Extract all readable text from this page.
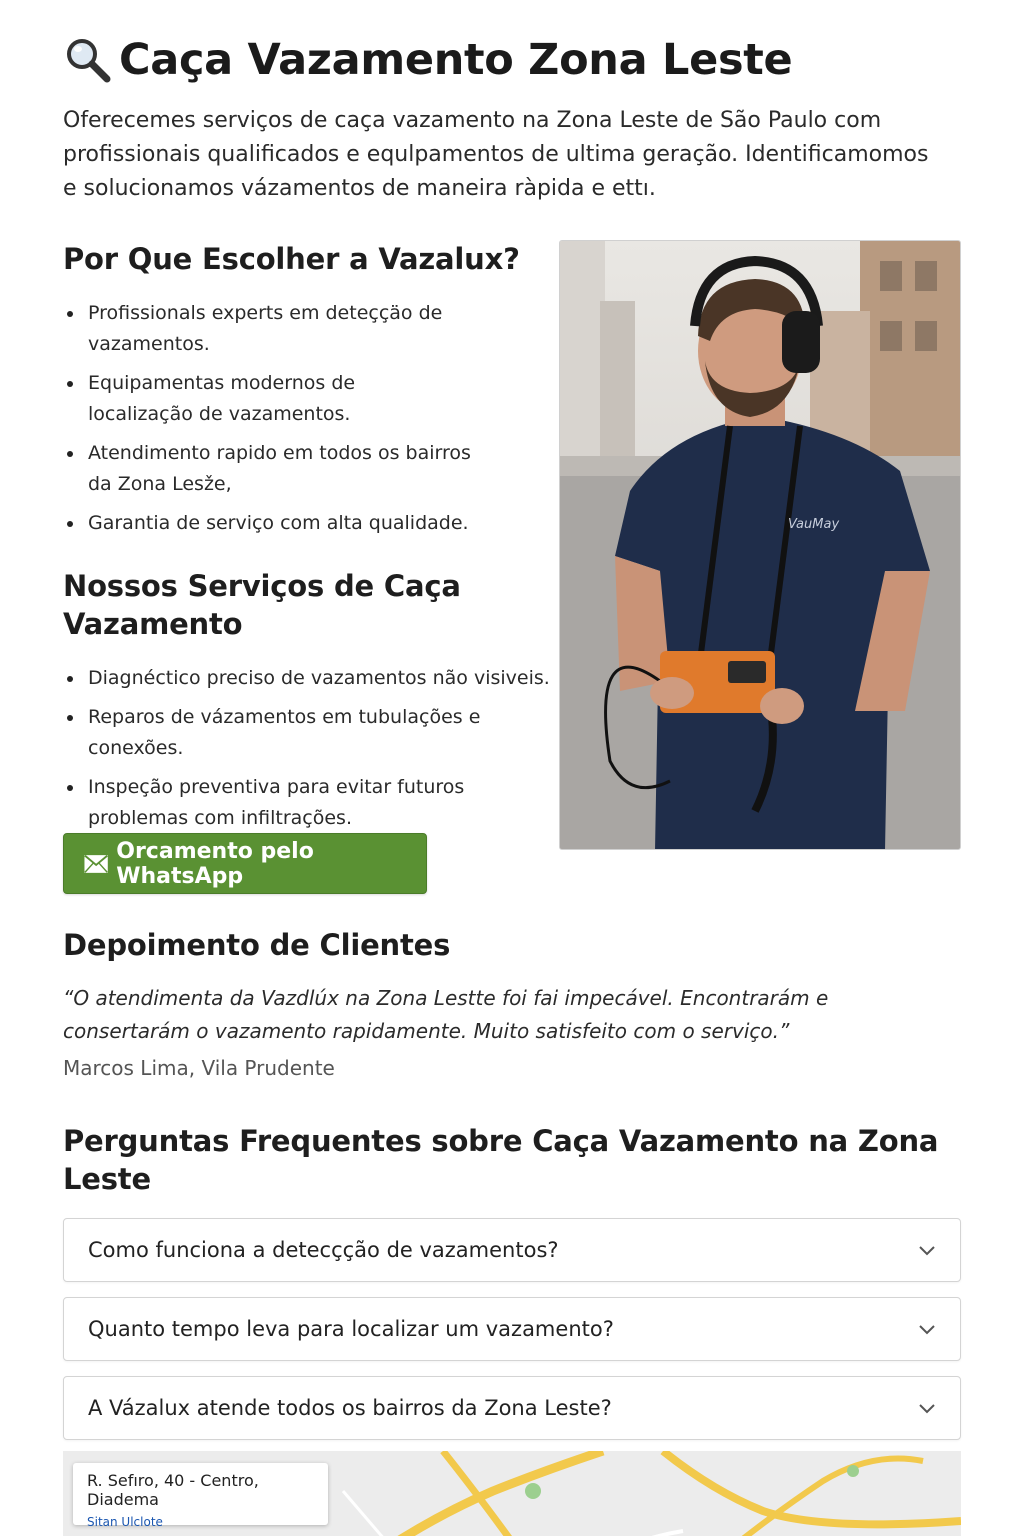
Caça Vazamento Zona Leste

Oferecemes serviços de caça vazamento na Zona Leste de São Paulo com profissionais qualificados e equlpamentos de ultima geração. Identificamomos e solucionamos vázamentos de maneira ràpida e ettı.

Por Que Escolher a Vazalux?
Profissionals experts em deteççäo de vazamentos.
Equipamentas modernos de localização de vazamentos.
Atendimento rapido em todos os bairros da Zona Lesže,
Garantia de serviço com alta qualidade.
Nossos Serviços de Caça Vazamento
Diagnéctico preciso de vazamentos não visiveis.
Reparos de vázamentos em tubulações e conexões.
Inspeção preventiva para evitar futuros problemas com infiltrações.
VauMay
Orcamento pelo WhatsApp
Depoimento de Clientes

“O atendimenta da Vazdlúx na Zona Lestte foi fai impecável. Encontrarám e consertarám o vazamento rapidamente. Muito satisfeito com o serviço.”

Marcos Lima, Vila Prudente

Perguntas Frequentes sobre Caça Vazamento na Zona Leste
Como funciona a detecçção de vazamentos?
Quanto tempo leva para localizar um vazamento?
A Vázalux atende todos os bairros da Zona Leste?
R. Sefıro, 40 - Centro, Diadema
Sitan Ulclote
